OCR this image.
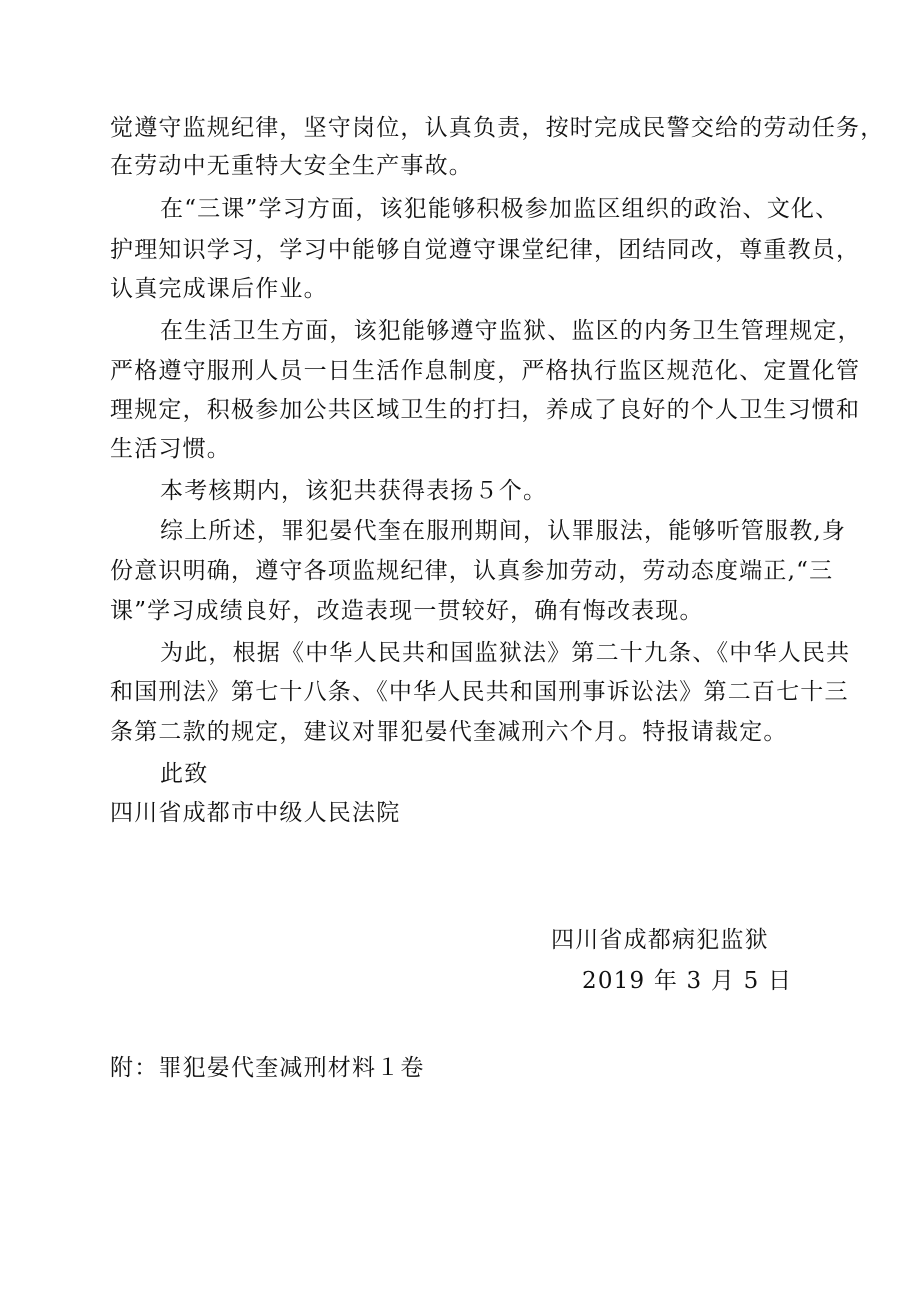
觉遵守监规纪律，坚守岗位，认真负责，按时完成民警交给的劳动任务，
在劳动中无重特大安全生产事故。
在“三课”学习方面，该犯能够积极参加监区组织的政治、文化、
护理知识学习，学习中能够自觉遵守课堂纪律，团结同改，尊重教员，
认真完成课后作业。
在生活卫生方面，该犯能够遵守监狱、监区的内务卫生管理规定，
严格遵守服刑人员一日生活作息制度，严格执行监区规范化、定置化管
理规定，积极参加公共区域卫生的打扫，养成了良好的个人卫生习惯和
生活习惯。
本考核期内，该犯共获得表扬５个。
综上所述，罪犯晏代奎在服刑期间，认罪服法，能够听管服教,身
份意识明确，遵守各项监规纪律，认真参加劳动，劳动态度端正,“三
课”学习成绩良好，改造表现一贯较好，确有悔改表现。
为此，根据《中华人民共和国监狱法》第二十九条、《中华人民共
和国刑法》第七十八条、《中华人民共和国刑事诉讼法》第二百七十三
条第二款的规定，建议对罪犯晏代奎减刑六个月。特报请裁定。
此致
四川省成都市中级人民法院
四川省成都病犯监狱
2019 年 3 月 5 日
附：罪犯晏代奎减刑材料１卷
